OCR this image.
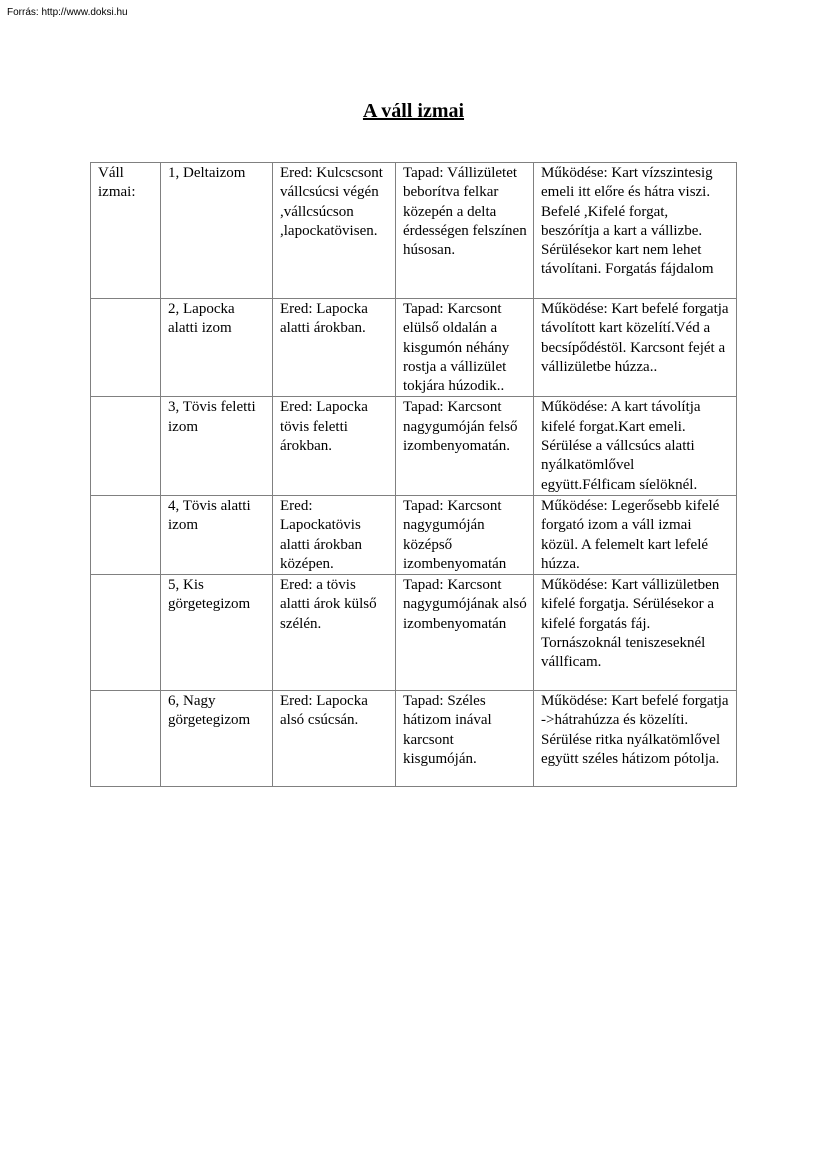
Forrás: http://www.doksi.hu
A váll izmai
Váll izmai:	1, Deltaizom	Ered: Kulcscsont vállcsúcsi végén ,vállcsúcson ,lapockatövisen.	Tapad: Vállizületet beborítva felkar közepén a delta érdességen felszínen húsosan.	Működése: Kart vízszintesig emeli itt előre és hátra viszi. Befelé ,Kifelé forgat, beszórítja a kart a vállizbe. Sérülésekor kart nem lehet távolítani. Forgatás fájdalom

	2, Lapocka alatti izom	Ered: Lapocka alatti árokban.	Tapad: Karcsont elülső oldalán a kisgumón néhány rostja a vállizület tokjára húzodik..	Működése: Kart befelé forgatja távolított kart közelítí.Véd a becsípődéstöl. Karcsont fejét a vállizületbe húzza..

	3, Tövis feletti izom	Ered: Lapocka tövis feletti árokban.	Tapad: Karcsont nagygumóján felső izombenyomatán.	Működése: A kart távolítja kifelé forgat.Kart emeli. Sérülése a vállcsúcs alatti nyálkatömlővel együtt.Félficam síelöknél.

	4, Tövis alatti izom	Ered: Lapockatövis alatti árokban középen.	Tapad: Karcsont nagygumóján középső izombenyomatán	Működése: Legerősebb kifelé forgató izom a váll izmai közül. A felemelt kart lefelé húzza.

	5, Kis görgetegizom	Ered: a tövis alatti árok külső szélén.	Tapad: Karcsont nagygumójának alsó izombenyomatán	Működése: Kart vállizületben kifelé forgatja. Sérülésekor a kifelé forgatás fáj. Tornászoknál teniszeseknél vállficam.

	6, Nagy görgetegizom	Ered: Lapocka alsó csúcsán.	Tapad: Széles hátizom inával karcsont kisgumóján.	Működése: Kart befelé forgatja ->hátrahúzza és közelíti. Sérülése ritka nyálkatömlővel együtt széles hátizom pótolja.
